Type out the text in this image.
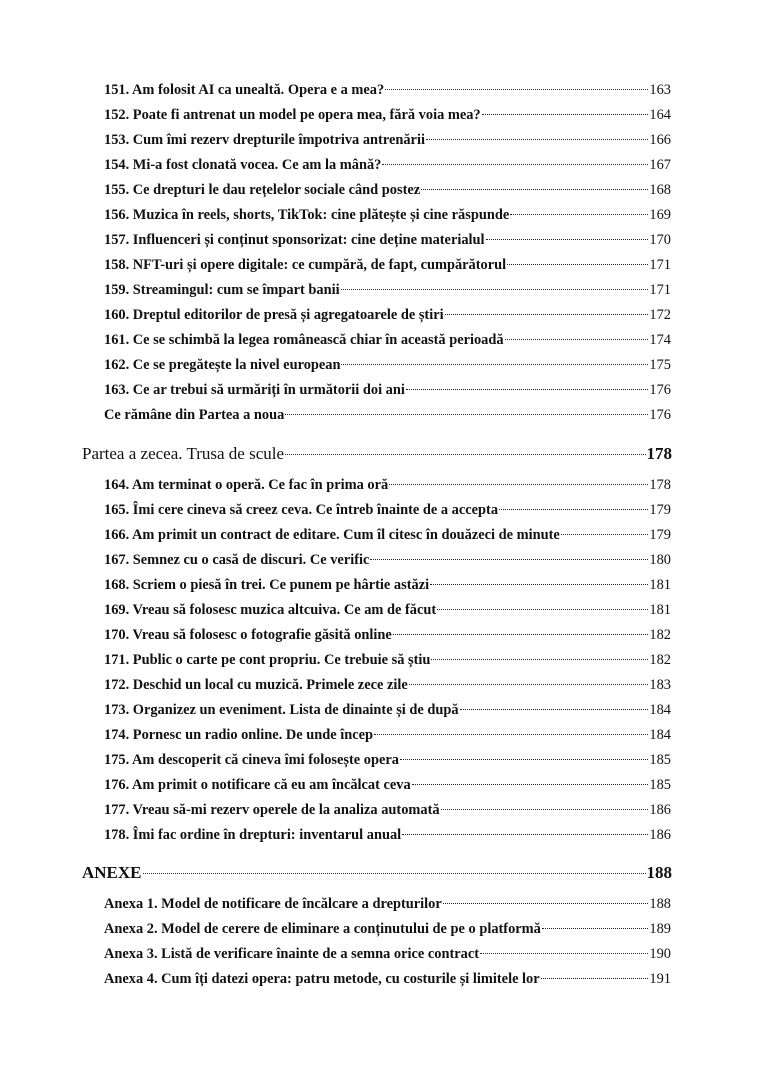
151. Am folosit AI ca unealtă. Opera e a mea?	163
152. Poate fi antrenat un model pe opera mea, fără voia mea?	164
153. Cum îmi rezerv drepturile împotriva antrenării	166
154. Mi-a fost clonată vocea. Ce am la mână?	167
155. Ce drepturi le dau rețelelor sociale când postez	168
156. Muzica în reels, shorts, TikTok: cine plătește și cine răspunde	169
157. Influenceri și conținut sponsorizat: cine deține materialul	170
158. NFT-uri și opere digitale: ce cumpără, de fapt, cumpărătorul	171
159. Streamingul: cum se împart banii	171
160. Dreptul editorilor de presă și agregatoarele de știri	172
161. Ce se schimbă la legea românească chiar în această perioadă	174
162. Ce se pregătește la nivel european	175
163. Ce ar trebui să urmăriți în următorii doi ani	176
Ce rămâne din Partea a noua	176
Partea a zecea. Trusa de scule	178
164. Am terminat o operă. Ce fac în prima oră	178
165. Îmi cere cineva să creez ceva. Ce întreb înainte de a accepta	179
166. Am primit un contract de editare. Cum îl citesc în douăzeci de minute	179
167. Semnez cu o casă de discuri. Ce verific	180
168. Scriem o piesă în trei. Ce punem pe hârtie astăzi	181
169. Vreau să folosesc muzica altcuiva. Ce am de făcut	181
170. Vreau să folosesc o fotografie găsită online	182
171. Public o carte pe cont propriu. Ce trebuie să știu	182
172. Deschid un local cu muzică. Primele zece zile	183
173. Organizez un eveniment. Lista de dinainte și de după	184
174. Pornesc un radio online. De unde încep	184
175. Am descoperit că cineva îmi folosește opera	185
176. Am primit o notificare că eu am încălcat ceva	185
177. Vreau să-mi rezerv operele de la analiza automată	186
178. Îmi fac ordine în drepturi: inventarul anual	186
ANEXE	188
Anexa 1. Model de notificare de încălcare a drepturilor	188
Anexa 2. Model de cerere de eliminare a conținutului de pe o platformă	189
Anexa 3. Listă de verificare înainte de a semna orice contract	190
Anexa 4. Cum îți datezi opera: patru metode, cu costurile și limitele lor	191
